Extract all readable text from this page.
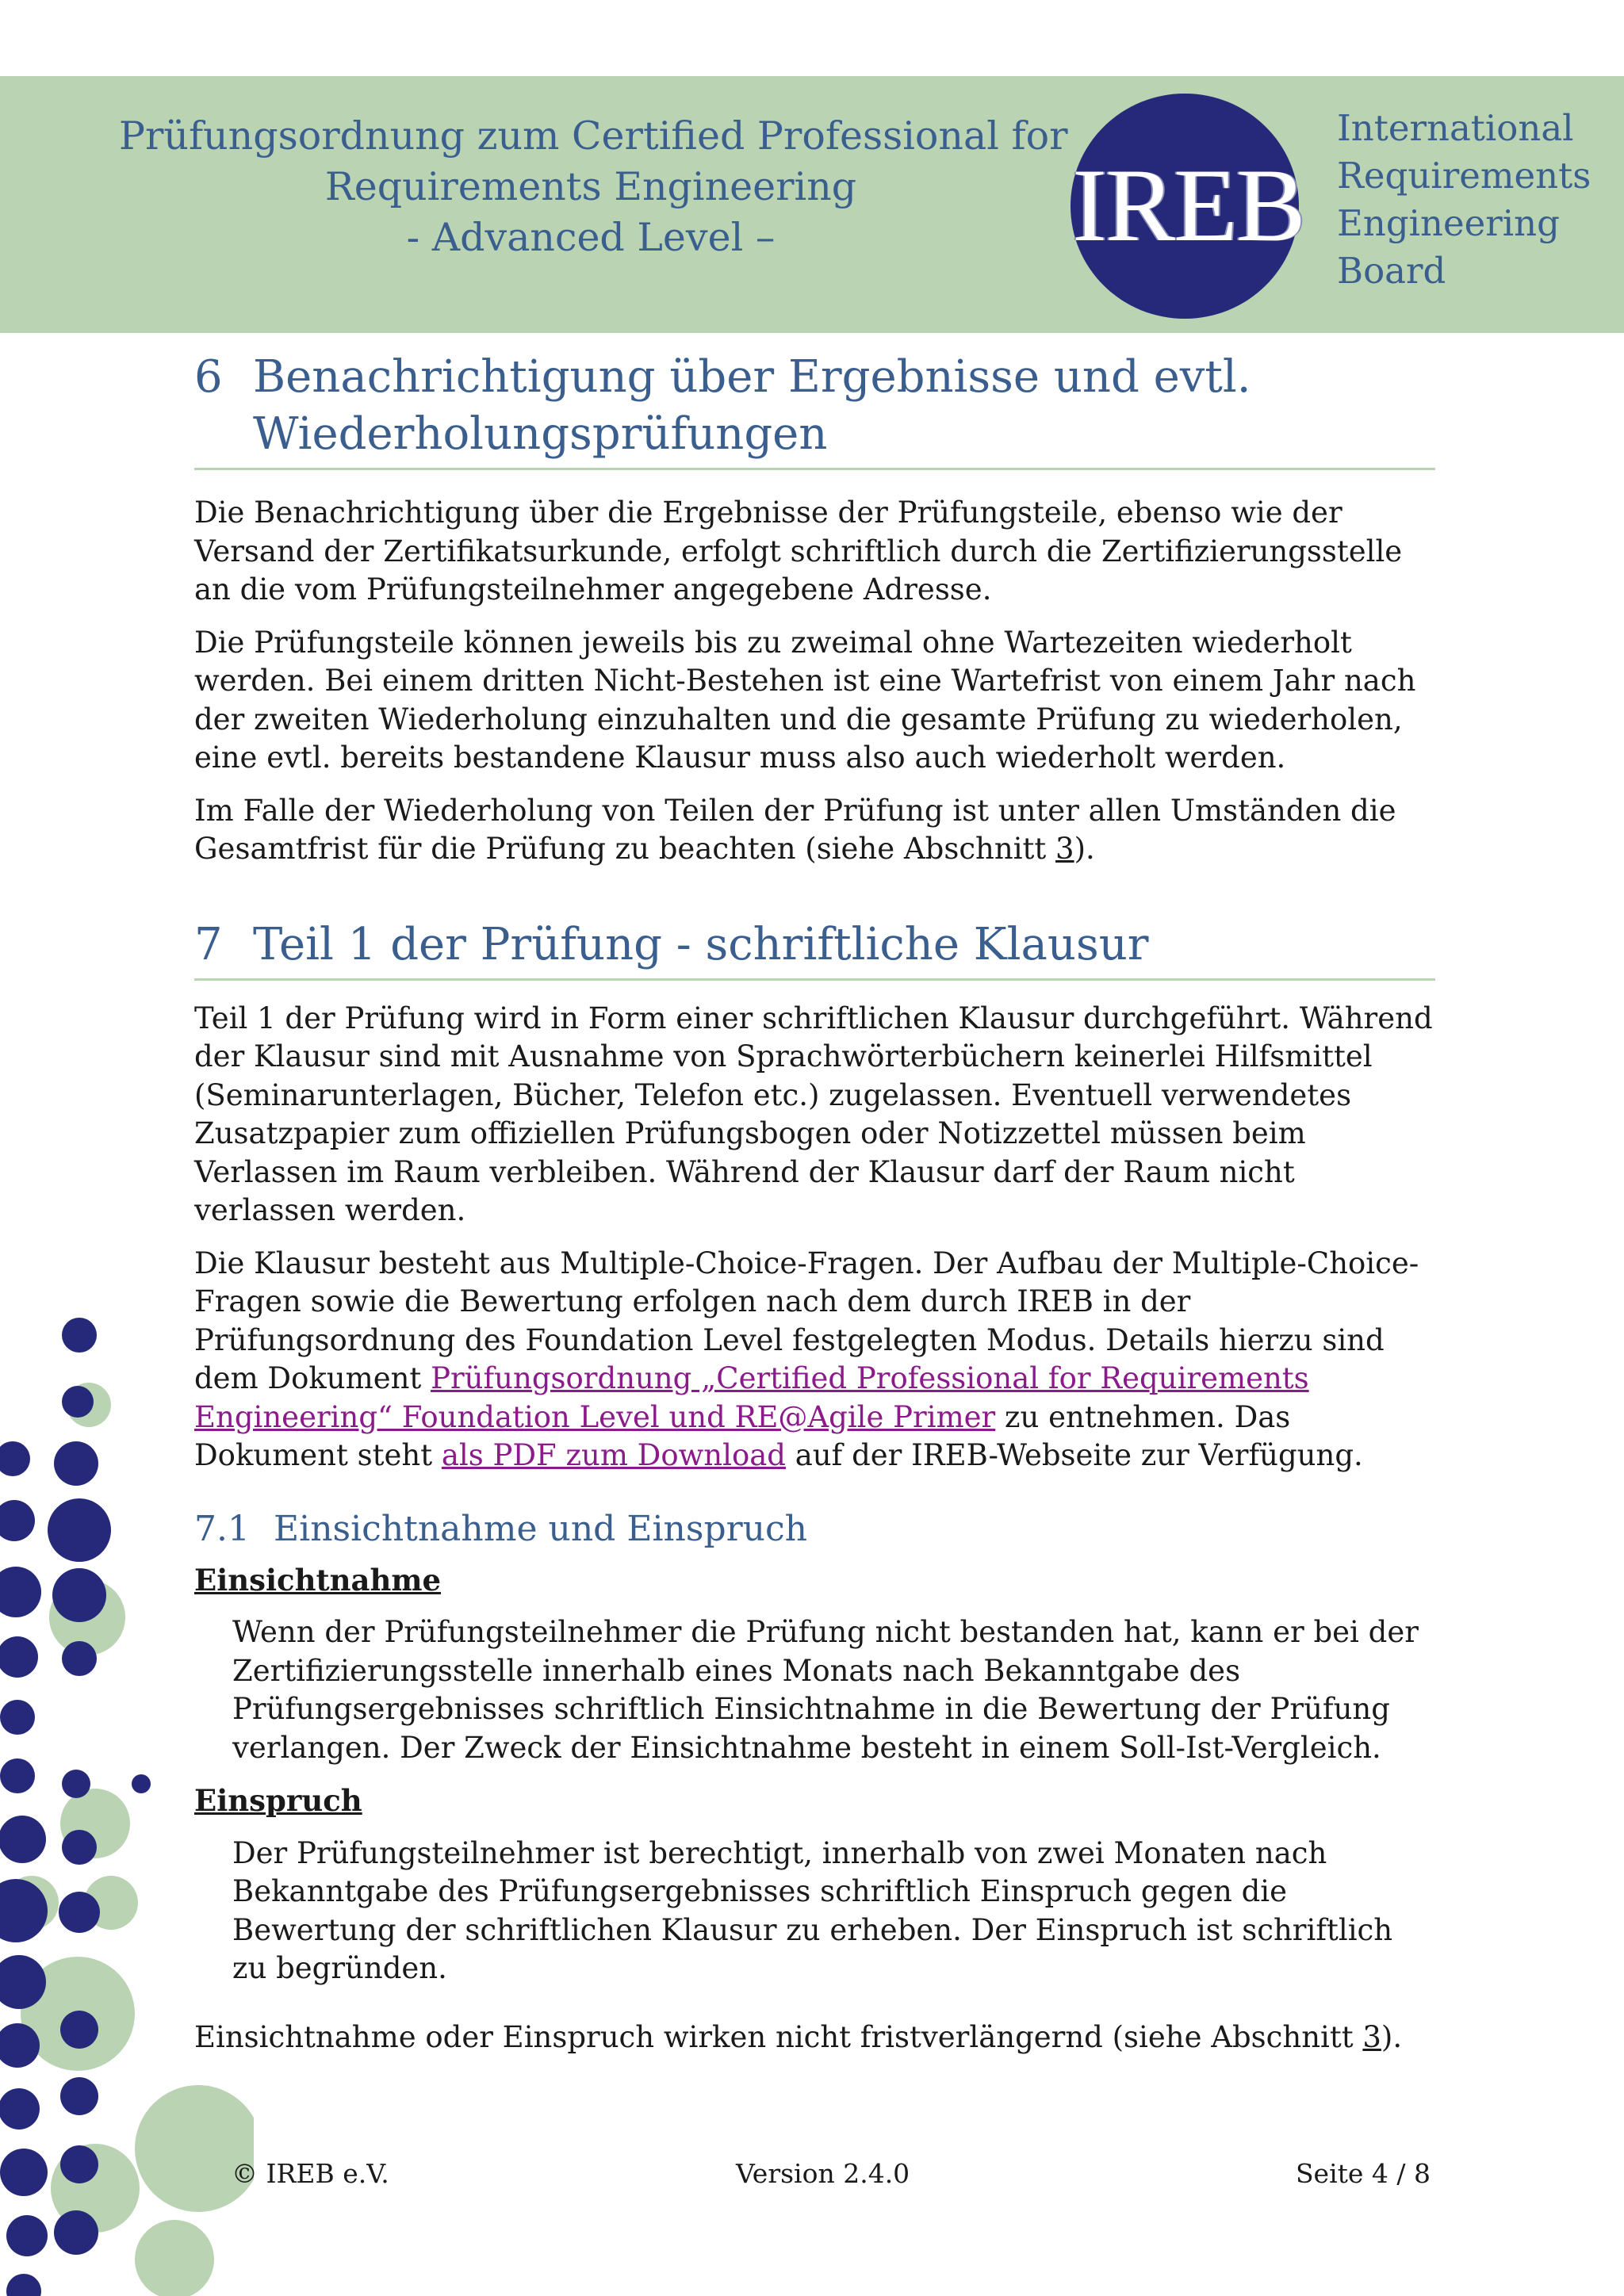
Prüfungsordnung zum Certified Professional for
Requirements Engineering
- Advanced Level –	IREB
International
Requirements
Engineering
Board
6 Benachrichtigung über Ergebnisse und evtl.
Wiederholungsprüfungen

Die Benachrichtigung über die Ergebnisse der Prüfungsteile, ebenso wie der Versand der Zertifikatsurkunde, erfolgt schriftlich durch die Zertifizierungsstelle an die vom Prüfungsteilnehmer angegebene Adresse.

Die Prüfungsteile können jeweils bis zu zweimal ohne Wartezeiten wiederholt werden. Bei einem dritten Nicht-Bestehen ist eine Wartefrist von einem Jahr nach der zweiten Wiederholung einzuhalten und die gesamte Prüfung zu wiederholen, eine evtl. bereits bestandene Klausur muss also auch wiederholt werden.

Im Falle der Wiederholung von Teilen der Prüfung ist unter allen Umständen die Gesamtfrist für die Prüfung zu beachten (siehe Abschnitt 3).

7 Teil 1 der Prüfung - schriftliche Klausur

Teil 1 der Prüfung wird in Form einer schriftlichen Klausur durchgeführt. Während der Klausur sind mit Ausnahme von Sprachwörterbüchern keinerlei Hilfsmittel (Seminarunterlagen, Bücher, Telefon etc.) zugelassen. Eventuell verwendetes Zusatzpapier zum offiziellen Prüfungsbogen oder Notizzettel müssen beim Verlassen im Raum verbleiben. Während der Klausur darf der Raum nicht verlassen werden.

Die Klausur besteht aus Multiple-Choice-Fragen. Der Aufbau der Multiple-Choice-Fragen sowie die Bewertung erfolgen nach dem durch IREB in der Prüfungsordnung des Foundation Level festgelegten Modus. Details hierzu sind dem Dokument Prüfungsordnung „Certified Professional for Requirements Engineering“ Foundation Level und RE@Agile Primer zu entnehmen. Das Dokument steht als PDF zum Download auf der IREB-Webseite zur Verfügung.

7.1 Einsichtnahme und Einspruch
Einsichtnahme

Wenn der Prüfungsteilnehmer die Prüfung nicht bestanden hat, kann er bei der Zertifizierungsstelle innerhalb eines Monats nach Bekanntgabe des Prüfungsergebnisses schriftlich Einsichtnahme in die Bewertung der Prüfung verlangen. Der Zweck der Einsichtnahme besteht in einem Soll-Ist-Vergleich.

Einspruch

Der Prüfungsteilnehmer ist berechtigt, innerhalb von zwei Monaten nach Bekanntgabe des Prüfungsergebnisses schriftlich Einspruch gegen die Bewertung der schriftlichen Klausur zu erheben. Der Einspruch ist schriftlich zu begründen.

Einsichtnahme oder Einspruch wirken nicht fristverlängernd (siehe Abschnitt 3).

© IREB e.V.	Version 2.4.0	Seite 4 / 8
